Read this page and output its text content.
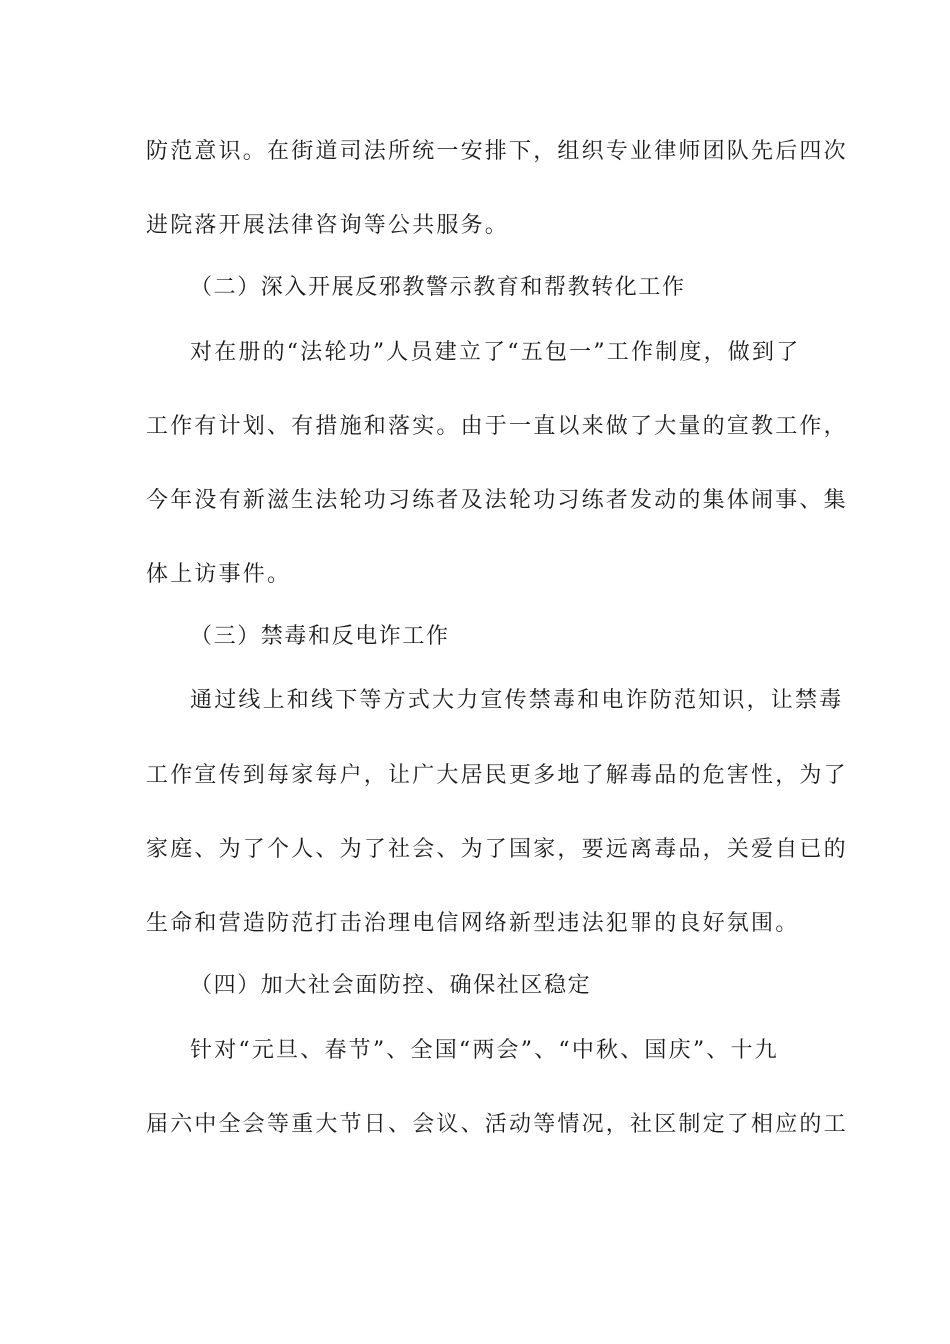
防范意识。在街道司法所统一安排下，组织专业律师团队先后四次
进院落开展法律咨询等公共服务。
（二）深入开展反邪教警示教育和帮教转化工作
对在册的“法轮功”人员建立了“五包一”工作制度，做到了
工作有计划、有措施和落实。由于一直以来做了大量的宣教工作，
今年没有新滋生法轮功习练者及法轮功习练者发动的集体闹事、集
体上访事件。
（三）禁毒和反电诈工作
通过线上和线下等方式大力宣传禁毒和电诈防范知识，让禁毒
工作宣传到每家每户，让广大居民更多地了解毒品的危害性，为了
家庭、为了个人、为了社会、为了国家，要远离毒品，关爱自已的
生命和营造防范打击治理电信网络新型违法犯罪的良好氛围。
（四）加大社会面防控、确保社区稳定
针对“元旦、春节”、全国“两会”、“中秋、国庆”、十九
届六中全会等重大节日、会议、活动等情况，社区制定了相应的工
